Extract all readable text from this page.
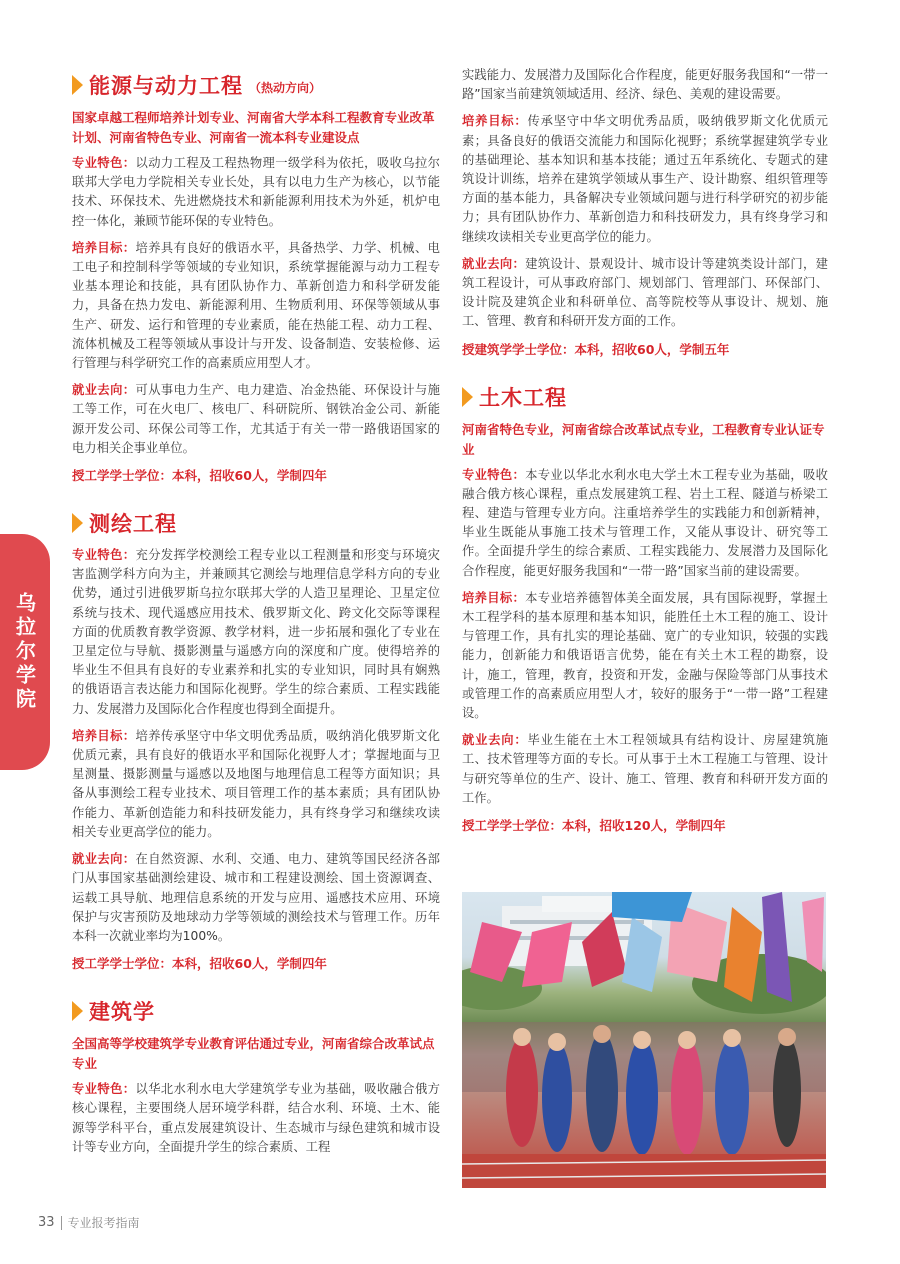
乌拉尔学院
能源与动力工程 （热动方向）
国家卓越工程师培养计划专业、河南省大学本科工程教育专业改革计划、河南省特色专业、河南省一流本科专业建设点
专业特色：以动力工程及工程热物理一级学科为依托，吸收乌拉尔联邦大学电力学院相关专业长处，具有以电力生产为核心，以节能技术、环保技术、先进燃烧技术和新能源利用技术为外延，机炉电控一体化，兼顾节能环保的专业特色。
培养目标：培养具有良好的俄语水平，具备热学、力学、机械、电工电子和控制科学等领域的专业知识，系统掌握能源与动力工程专业基本理论和技能，具有团队协作力、革新创造力和科学研发能力，具备在热力发电、新能源利用、生物质利用、环保等领域从事生产、研发、运行和管理的专业素质，能在热能工程、动力工程、流体机械及工程等领域从事设计与开发、设备制造、安装检修、运行管理与科学研究工作的高素质应用型人才。
就业去向：可从事电力生产、电力建造、冶金热能、环保设计与施工等工作，可在火电厂、核电厂、科研院所、钢铁冶金公司、新能源开发公司、环保公司等工作，尤其适于有关一带一路俄语国家的电力相关企事业单位。
授工学学士学位：本科，招收60人，学制四年
测绘工程
专业特色：充分发挥学校测绘工程专业以工程测量和形变与环境灾害监测学科方向为主，并兼顾其它测绘与地理信息学科方向的专业优势，通过引进俄罗斯乌拉尔联邦大学的人造卫星理论、卫星定位系统与技术、现代遥感应用技术、俄罗斯文化、跨文化交际等课程方面的优质教育教学资源、教学材料，进一步拓展和强化了专业在卫星定位与导航、摄影测量与遥感方向的深度和广度。使得培养的毕业生不但具有良好的专业素养和扎实的专业知识，同时具有娴熟的俄语语言表达能力和国际化视野。学生的综合素质、工程实践能力、发展潜力及国际化合作程度也得到全面提升。
培养目标：培养传承坚守中华文明优秀品质，吸纳消化俄罗斯文化优质元素，具有良好的俄语水平和国际化视野人才；掌握地面与卫星测量、摄影测量与遥感以及地图与地理信息工程等方面知识；具备从事测绘工程专业技术、项目管理工作的基本素质；具有团队协作能力、革新创造能力和科技研发能力，具有终身学习和继续攻读相关专业更高学位的能力。
就业去向：在自然资源、水利、交通、电力、建筑等国民经济各部门从事国家基础测绘建设、城市和工程建设测绘、国土资源调查、运载工具导航、地理信息系统的开发与应用、遥感技术应用、环境保护与灾害预防及地球动力学等领域的测绘技术与管理工作。历年本科一次就业率均为100%。
授工学学士学位：本科，招收60人，学制四年
建筑学
全国高等学校建筑学专业教育评估通过专业，河南省综合改革试点专业
专业特色：以华北水利水电大学建筑学专业为基础，吸收融合俄方核心课程，主要围绕人居环境学科群，结合水利、环境、土木、能源等学科平台，重点发展建筑设计、生态城市与绿色建筑和城市设计等专业方向，全面提升学生的综合素质、工程
实践能力、发展潜力及国际化合作程度，能更好服务我国和“一带一路”国家当前建筑领域适用、经济、绿色、美观的建设需要。
培养目标：传承坚守中华文明优秀品质，吸纳俄罗斯文化优质元素；具备良好的俄语交流能力和国际化视野；系统掌握建筑学专业的基础理论、基本知识和基本技能；通过五年系统化、专题式的建筑设计训练，培养在建筑学领域从事生产、设计勘察、组织管理等方面的基本能力，具备解决专业领域问题与进行科学研究的初步能力；具有团队协作力、革新创造力和科技研发力，具有终身学习和继续攻读相关专业更高学位的能力。
就业去向：建筑设计、景观设计、城市设计等建筑类设计部门，建筑工程设计，可从事政府部门、规划部门、管理部门、环保部门、设计院及建筑企业和科研单位、高等院校等从事设计、规划、施工、管理、教育和科研开发方面的工作。
授建筑学学士学位：本科，招收60人，学制五年
土木工程
河南省特色专业，河南省综合改革试点专业，工程教育专业认证专业
专业特色：本专业以华北水利水电大学土木工程专业为基础，吸收融合俄方核心课程，重点发展建筑工程、岩土工程、隧道与桥梁工程、建造与管理专业方向。注重培养学生的实践能力和创新精神，毕业生既能从事施工技术与管理工作，又能从事设计、研究等工作。全面提升学生的综合素质、工程实践能力、发展潜力及国际化合作程度，能更好服务我国和“一带一路”国家当前的建设需要。
培养目标：本专业培养德智体美全面发展，具有国际视野，掌握土木工程学科的基本原理和基本知识，能胜任土木工程的施工、设计与管理工作，具有扎实的理论基础、宽广的专业知识，较强的实践能力，创新能力和俄语语言优势，能在有关土木工程的勘察，设计，施工，管理，教育，投资和开发，金融与保险等部门从事技术或管理工作的高素质应用型人才，较好的服务于“一带一路”工程建设。
就业去向：毕业生能在土木工程领域具有结构设计、房屋建筑施工、技术管理等方面的专长。可从事于土木工程施工与管理、设计与研究等单位的生产、设计、施工、管理、教育和科研开发方面的工作。
授工学学士学位：本科，招收120人，学制四年
33 专业报考指南
